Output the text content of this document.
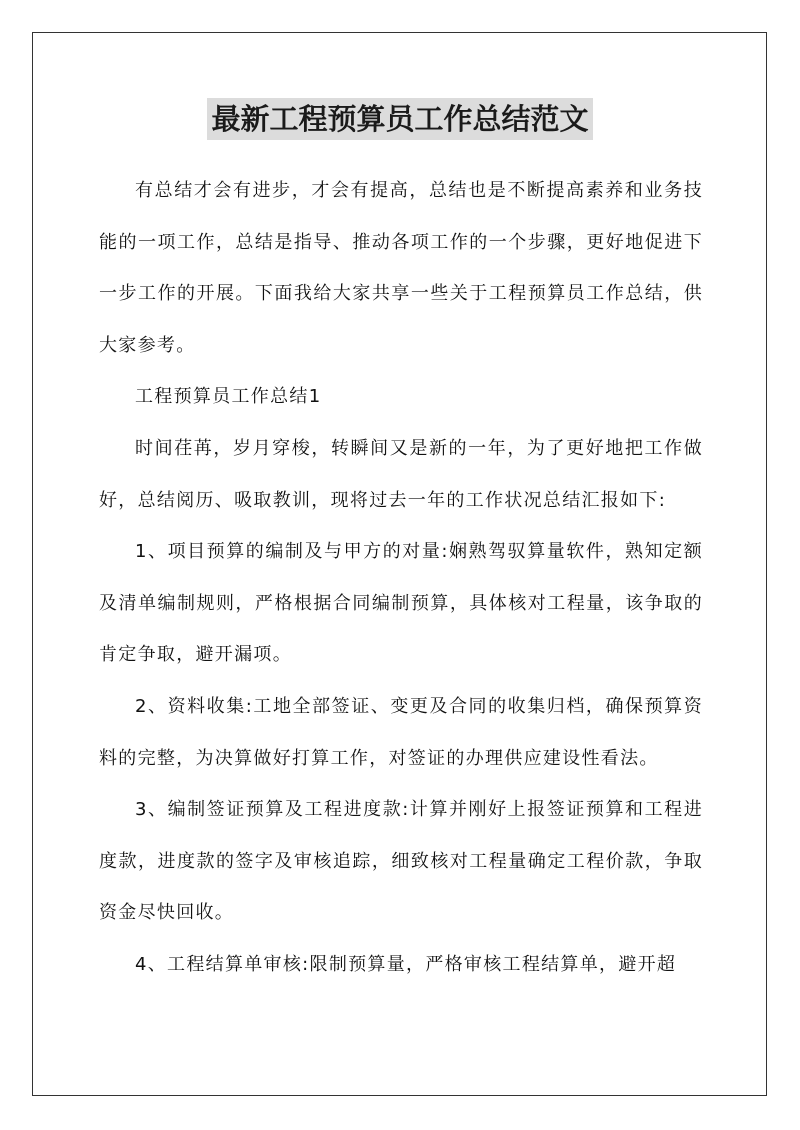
最新工程预算员工作总结范文

有总结才会有进步，才会有提高，总结也是不断提高素养和业务技能的一项工作，总结是指导、推动各项工作的一个步骤，更好地促进下一步工作的开展。下面我给大家共享一些关于工程预算员工作总结，供大家参考。

工程预算员工作总结1

时间荏苒，岁月穿梭，转瞬间又是新的一年，为了更好地把工作做好，总结阅历、吸取教训，现将过去一年的工作状况总结汇报如下:

1、项目预算的编制及与甲方的对量:娴熟驾驭算量软件，熟知定额及清单编制规则，严格根据合同编制预算，具体核对工程量，该争取的肯定争取，避开漏项。

2、资料收集:工地全部签证、变更及合同的收集归档，确保预算资料的完整，为决算做好打算工作，对签证的办理供应建设性看法。

3、编制签证预算及工程进度款:计算并刚好上报签证预算和工程进度款，进度款的签字及审核追踪，细致核对工程量确定工程价款，争取资金尽快回收。

4、工程结算单审核:限制预算量，严格审核工程结算单，避开超
